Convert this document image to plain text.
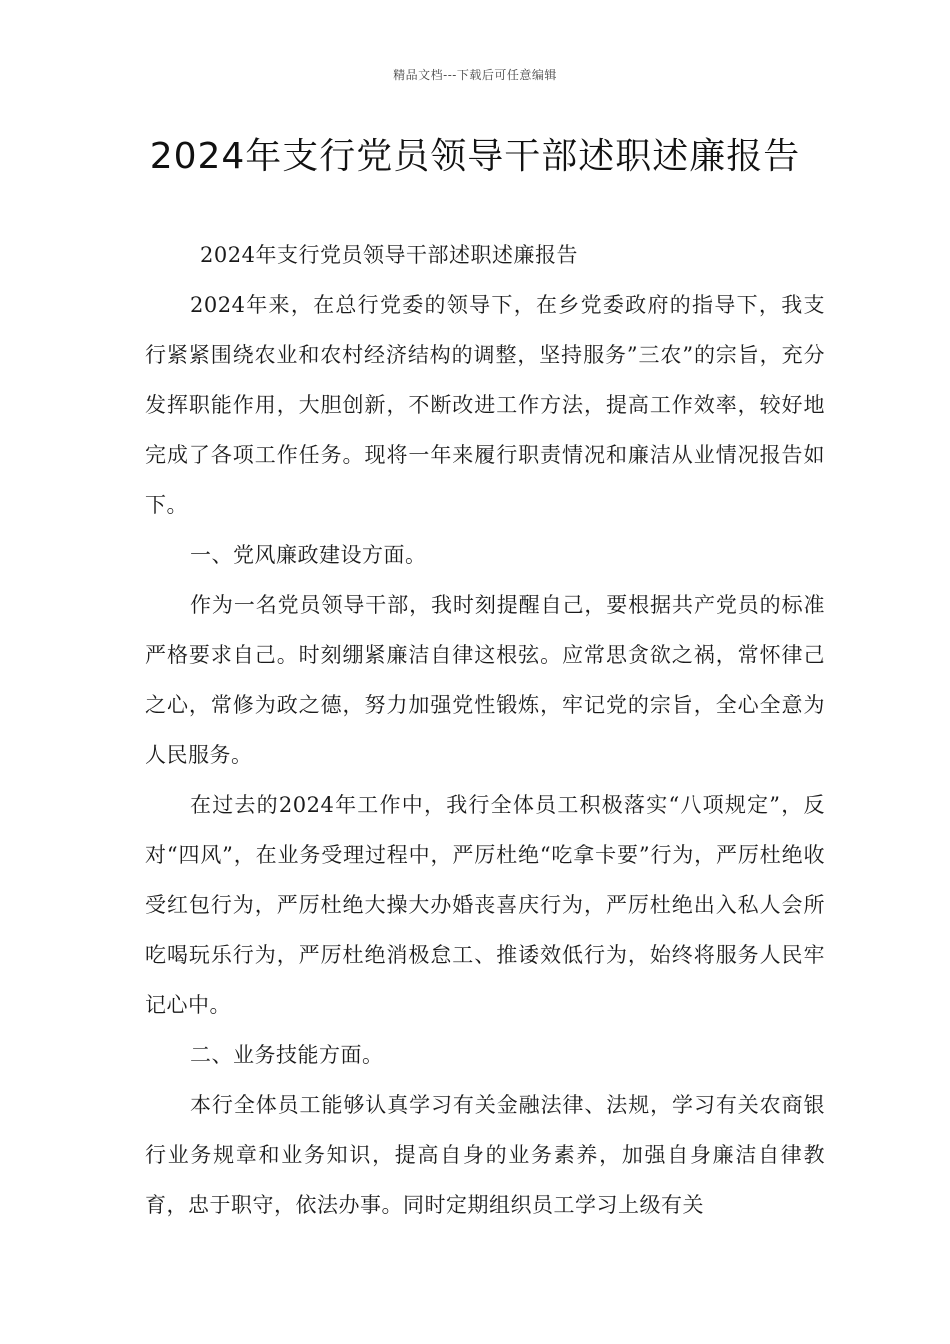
精品文档---下载后可任意编辑
2024年支行党员领导干部述职述廉报告

2024年支行党员领导干部述职述廉报告

2024年来，在总行党委的领导下，在乡党委政府的指导下，我支行紧紧围绕农业和农村经济结构的调整，坚持服务”三农”的宗旨，充分发挥职能作用，大胆创新，不断改进工作方法，提高工作效率，较好地完成了各项工作任务。现将一年来履行职责情况和廉洁从业情况报告如下。

一、党风廉政建设方面。

作为一名党员领导干部，我时刻提醒自己，要根据共产党员的标准严格要求自己。时刻绷紧廉洁自律这根弦。应常思贪欲之祸，常怀律己之心，常修为政之德，努力加强党性锻炼，牢记党的宗旨，全心全意为人民服务。

在过去的2024年工作中，我行全体员工积极落实“八项规定”，反对“四风”，在业务受理过程中，严厉杜绝“吃拿卡要”行为，严厉杜绝收受红包行为，严厉杜绝大操大办婚丧喜庆行为，严厉杜绝出入私人会所吃喝玩乐行为，严厉杜绝消极怠工、推诿效低行为，始终将服务人民牢记心中。

二、业务技能方面。

本行全体员工能够认真学习有关金融法律、法规，学习有关农商银行业务规章和业务知识，提高自身的业务素养，加强自身廉洁自律教育，忠于职守，依法办事。同时定期组织员工学习上级有关
